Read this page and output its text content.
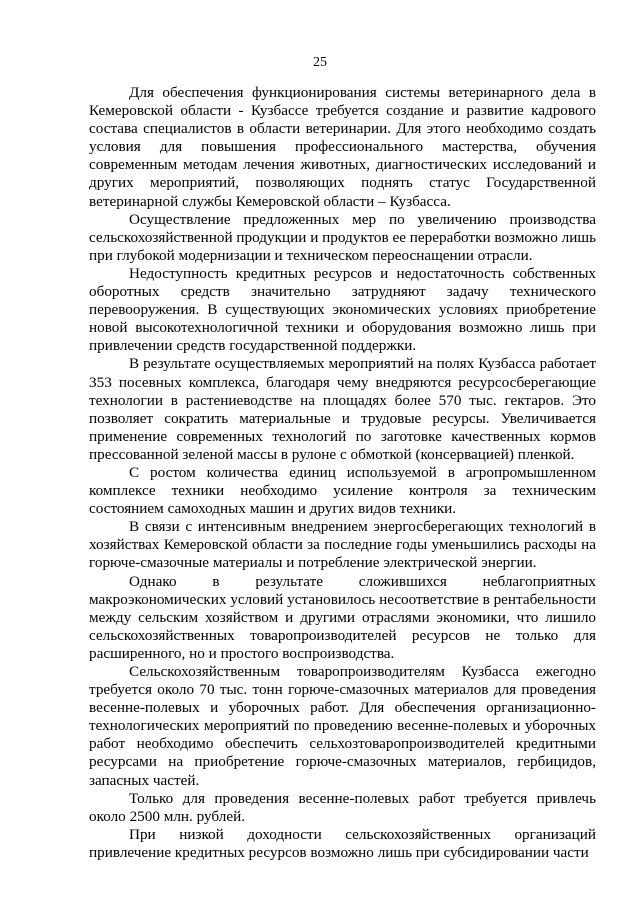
25

Для обеспечения функционирования системы ветеринарного дела в Кемеровской области - Кузбассе требуется создание и развитие кадрового состава специалистов в области ветеринарии. Для этого необходимо создать условия для повышения профессионального мастерства, обучения современным методам лечения животных, диагностических исследований и других мероприятий, позволяющих поднять статус Государственной ветеринарной службы Кемеровской области – Кузбасса.

Осуществление предложенных мер по увеличению производства сельскохозяйственной продукции и продуктов ее переработки возможно лишь при глубокой модернизации и техническом переоснащении отрасли.

Недоступность кредитных ресурсов и недостаточность собственных оборотных средств значительно затрудняют задачу технического перевооружения. В существующих экономических условиях приобретение новой высокотехнологичной техники и оборудования возможно лишь при привлечении средств государственной поддержки.

В результате осуществляемых мероприятий на полях Кузбасса работает 353 посевных комплекса, благодаря чему внедряются ресурсосберегающие технологии в растениеводстве на площадях более 570 тыс. гектаров. Это позволяет сократить материальные и трудовые ресурсы. Увеличивается применение современных технологий по заготовке качественных кормов прессованной зеленой массы в рулоне с обмоткой (консервацией) пленкой.

С ростом количества единиц используемой в агропромышленном комплексе техники необходимо усиление контроля за техническим состоянием самоходных машин и других видов техники.

В связи с интенсивным внедрением энергосберегающих технологий в хозяйствах Кемеровской области за последние годы уменьшились расходы на горюче-смазочные материалы и потребление электрической энергии.

Однако в результате сложившихся неблагоприятных макроэкономических условий установилось несоответствие в рентабельности между сельским хозяйством и другими отраслями экономики, что лишило сельскохозяйственных товаропроизводителей ресурсов не только для расширенного, но и простого воспроизводства.

Сельскохозяйственным товаропроизводителям Кузбасса ежегодно требуется около 70 тыс. тонн горюче-смазочных материалов для проведения весенне-полевых и уборочных работ. Для обеспечения организационно-технологических мероприятий по проведению весенне-полевых и уборочных работ необходимо обеспечить сельхозтоваропроизводителей кредитными ресурсами на приобретение горюче-смазочных материалов, гербицидов, запасных частей.

Только для проведения весенне-полевых работ требуется привлечь около 2500 млн. рублей.

При низкой доходности сельскохозяйственных организаций привлечение кредитных ресурсов возможно лишь при субсидировании части
